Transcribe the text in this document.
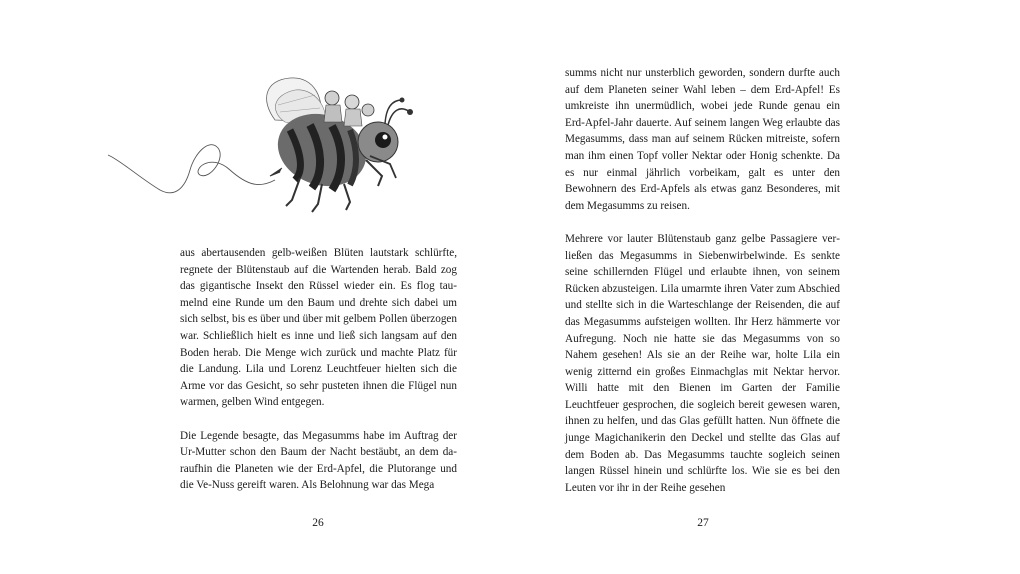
aus abertausenden gelb-weißen Blüten lautstark schlürfte, regnete der Blütenstaub auf die Wartenden herab. Bald zog das gigantische Insekt den Rüssel wieder ein. Es flog taumelnd eine Runde um den Baum und drehte sich dabei um sich selbst, bis es über und über mit gelbem Pollen überzogen war. Schließlich hielt es inne und ließ sich langsam auf den Boden herab. Die Menge wich zurück und machte Platz für die Landung. Lila und Lorenz Leuchtfeuer hielten sich die Arme vor das Gesicht, so sehr pusteten ihnen die Flügel nun warmen, gelben Wind entgegen.

Die Legende besagte, das Megasumms habe im Auftrag der Ur-Mutter schon den Baum der Nacht bestäubt, an dem daraufhin die Planeten wie der Erd-Apfel, die Plutorange und die Ve-Nuss gereift waren. Als Belohnung war das Mega

26

summs nicht nur unsterblich geworden, sondern durfte auch auf dem Planeten seiner Wahl leben – dem Erd-Apfel! Es umkreiste ihn unermüdlich, wobei jede Runde genau ein Erd-Apfel-Jahr dauerte. Auf seinem langen Weg erlaubte das Megasumms, dass man auf seinem Rücken mitreiste, sofern man ihm einen Topf voller Nektar oder Honig schenkte. Da es nur einmal jährlich vorbeikam, galt es unter den Bewohnern des Erd-Apfels als etwas ganz Besonderes, mit dem Megasumms zu reisen.

Mehrere vor lauter Blütenstaub ganz gelbe Passagiere verließen das Megasumms in Siebenwirbelwinde. Es senkte seine schillernden Flügel und erlaubte ihnen, von seinem Rücken abzusteigen. Lila umarmte ihren Vater zum Abschied und stellte sich in die Warteschlange der Reisenden, die auf das Megasumms aufsteigen wollten. Ihr Herz hämmerte vor Aufregung. Noch nie hatte sie das Megasumms von so Nahem gesehen! Als sie an der Reihe war, holte Lila ein wenig zitternd ein großes Einmachglas mit Nektar hervor. Willi hatte mit den Bienen im Garten der Familie Leuchtfeuer gesprochen, die sogleich bereit gewesen waren, ihnen zu helfen, und das Glas gefüllt hatten. Nun öffnete die junge Magichanikerin den Deckel und stellte das Glas auf dem Boden ab. Das Megasumms tauchte sogleich seinen langen Rüssel hinein und schlürfte los. Wie sie es bei den Leuten vor ihr in der Reihe gesehen

27
